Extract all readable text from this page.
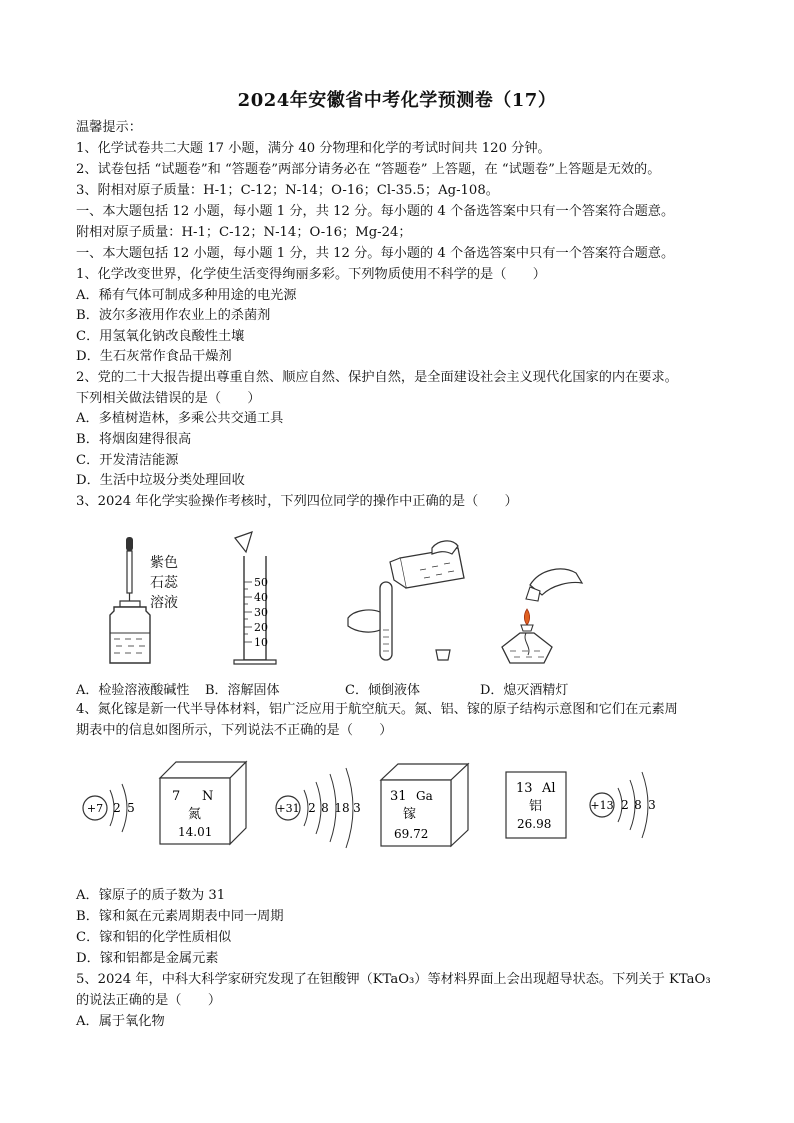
2024年安徽省中考化学预测卷（17）
温馨提示：
1、化学试卷共二大题 17 小题，满分 40 分物理和化学的考试时间共 120 分钟。
2、试卷包括 “试题卷”和 “答题卷”两部分请务必在 “答题卷” 上答题，在 “试题卷”上答题是无效的。
3、附相对原子质量：H-1；C-12；N-14；O-16；Cl-35.5；Ag-108。
一、本大题包括 12 小题，每小题 1 分，共 12 分。每小题的 4 个备选答案中只有一个答案符合题意。
附相对原子质量：H-1；C-12；N-14；O-16；Mg-24；
一、本大题包括 12 小题，每小题 1 分，共 12 分。每小题的 4 个备选答案中只有一个答案符合题意。
1、化学改变世界，化学使生活变得绚丽多彩。下列物质使用不科学的是（　　）
A．稀有气体可制成多种用途的电光源
B．波尔多液用作农业上的杀菌剂
C．用氢氧化钠改良酸性土壤
D．生石灰常作食品干燥剂
2、党的二十大报告提出尊重自然、顺应自然、保护自然，是全面建设社会主义现代化国家的内在要求。
下列相关做法错误的是（　　）
A．多植树造林，多乘公共交通工具
B．将烟囱建得很高
C．开发清洁能源
D．生活中垃圾分类处理回收
3、2024 年化学实验操作考核时，下列四位同学的操作中正确的是（　　）
紫色
石蕊
溶液
50
40
30
20
10
A．检验溶液酸碱性 B．溶解固体	C．倾倒液体	D．熄灭酒精灯
4、氮化镓是新一代半导体材料，铝广泛应用于航空航天。氮、铝、镓的原子结构示意图和它们在元素周
期表中的信息如图所示，下列说法不正确的是（　　）
+7 2 5
7 N
氮
14.01
+31 2 8 18 3
31 Ga
镓
69.72
13 Al
铝
26.98
+13 2 8 3
A．镓原子的质子数为 31
B．镓和氮在元素周期表中同一周期
C．镓和铝的化学性质相似
D．镓和铝都是金属元素
5、2024 年，中科大科学家研究发现了在钽酸钾（KTaO₃）等材料界面上会出现超导状态。下列关于 KTaO₃
的说法正确的是（　　）
A．属于氧化物
